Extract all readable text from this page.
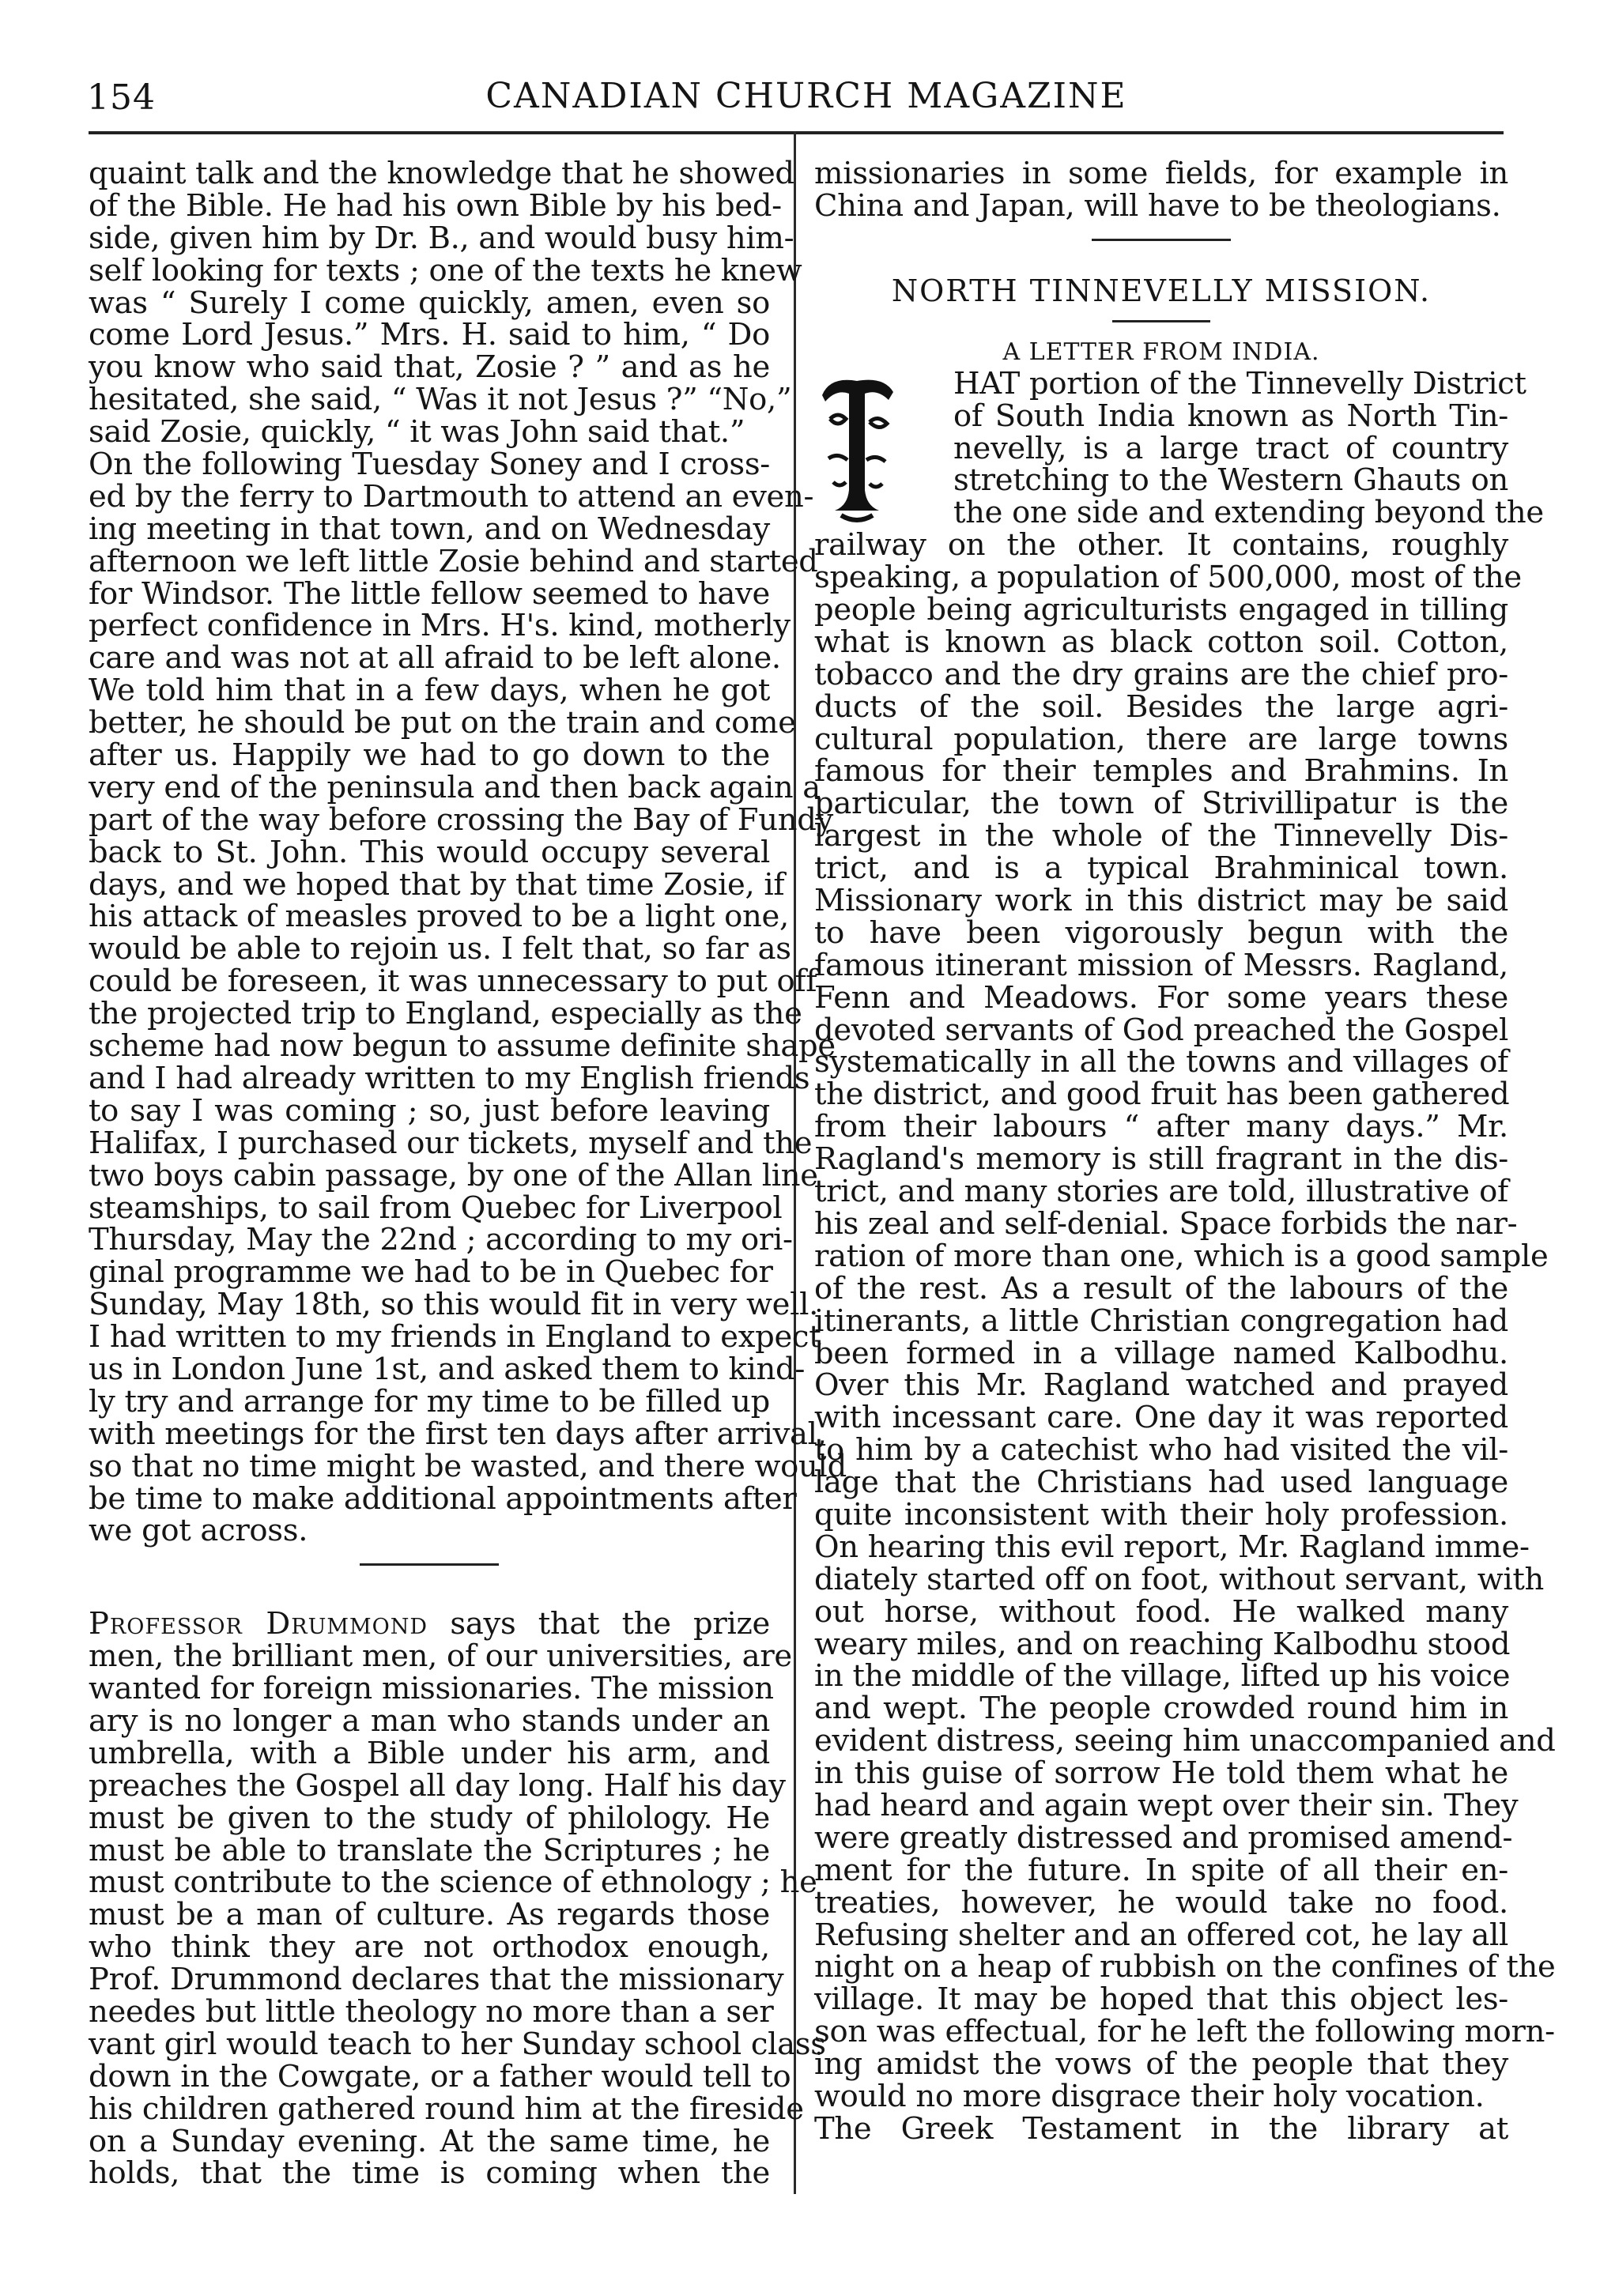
154	CANADIAN CHURCH MAGAZINE
quaint talk and the knowledge that he showed
of the Bible. He had his own Bible by his bed-
side, given him by Dr. B., and would busy him-
self looking for texts ; one of the texts he knew
was “ Surely I come quickly, amen, even so
come Lord Jesus.” Mrs. H. said to him, “ Do
you know who said that, Zosie ? ” and as he
hesitated, she said, “ Was it not Jesus ?” “No,”
said Zosie, quickly, “ it was John said that.”
On the following Tuesday Soney and I cross-
ed by the ferry to Dartmouth to attend an even-
ing meeting in that town, and on Wednesday
afternoon we left little Zosie behind and started
for Windsor. The little fellow seemed to have
perfect confidence in Mrs. H's. kind, motherly
care and was not at all afraid to be left alone.
We told him that in a few days, when he got
better, he should be put on the train and come
after us. Happily we had to go down to the
very end of the peninsula and then back again a
part of the way before crossing the Bay of Fundy
back to St. John. This would occupy several
days, and we hoped that by that time Zosie, if
his attack of measles proved to be a light one,
would be able to rejoin us. I felt that, so far as
could be foreseen, it was unnecessary to put off
the projected trip to England, especially as the
scheme had now begun to assume definite shape
and I had already written to my English friends
to say I was coming ; so, just before leaving
Halifax, I purchased our tickets, myself and the
two boys cabin passage, by one of the Allan line
steamships, to sail from Quebec for Liverpool
Thursday, May the 22nd ; according to my ori-
ginal programme we had to be in Quebec for
Sunday, May 18th, so this would fit in very well.
I had written to my friends in England to expect
us in London June 1st, and asked them to kind-
ly try and arrange for my time to be filled up
with meetings for the first ten days after arrival,
so that no time might be wasted, and there would
be time to make additional appointments after
we got across.
Professor Drummond says that the prize
men, the brilliant men, of our universities, are
wanted for foreign missionaries. The mission
ary is no longer a man who stands under an
umbrella, with a Bible under his arm, and
preaches the Gospel all day long. Half his day
must be given to the study of philology. He
must be able to translate the Scriptures ; he
must contribute to the science of ethnology ; he
must be a man of culture. As regards those
who think they are not orthodox enough,
Prof. Drummond declares that the missionary
needes but little theology no more than a ser
vant girl would teach to her Sunday school class
down in the Cowgate, or a father would tell to
his children gathered round him at the fireside
on a Sunday evening. At the same time, he
holds, that the time is coming when the
missionaries in some fields, for example in
China and Japan, will have to be theologians.
NORTH TINNEVELLY MISSION.
A LETTER FROM INDIA.
HAT portion of the Tinnevelly District
of South India known as North Tin-
nevelly, is a large tract of country
stretching to the Western Ghauts on
the one side and extending beyond the
railway on the other. It contains, roughly
speaking, a population of 500,000, most of the
people being agriculturists engaged in tilling
what is known as black cotton soil. Cotton,
tobacco and the dry grains are the chief pro-
ducts of the soil. Besides the large agri-
cultural population, there are large towns
famous for their temples and Brahmins. In
particular, the town of Strivillipatur is the
largest in the whole of the Tinnevelly Dis-
trict, and is a typical Brahminical town.
Missionary work in this district may be said
to have been vigorously begun with the
famous itinerant mission of Messrs. Ragland,
Fenn and Meadows. For some years these
devoted servants of God preached the Gospel
systematically in all the towns and villages of
the district, and good fruit has been gathered
from their labours “ after many days.” Mr.
Ragland's memory is still fragrant in the dis-
trict, and many stories are told, illustrative of
his zeal and self-denial. Space forbids the nar-
ration of more than one, which is a good sample
of the rest. As a result of the labours of the
itinerants, a little Christian congregation had
been formed in a village named Kalbodhu.
Over this Mr. Ragland watched and prayed
with incessant care. One day it was reported
to him by a catechist who had visited the vil-
lage that the Christians had used language
quite inconsistent with their holy profession.
On hearing this evil report, Mr. Ragland imme-
diately started off on foot, without servant, with
out horse, without food. He walked many
weary miles, and on reaching Kalbodhu stood
in the middle of the village, lifted up his voice
and wept. The people crowded round him in
evident distress, seeing him unaccompanied and
in this guise of sorrow He told them what he
had heard and again wept over their sin. They
were greatly distressed and promised amend-
ment for the future. In spite of all their en-
treaties, however, he would take no food.
Refusing shelter and an offered cot, he lay all
night on a heap of rubbish on the confines of the
village. It may be hoped that this object les-
son was effectual, for he left the following morn-
ing amidst the vows of the people that they
would no more disgrace their holy vocation.
The Greek Testament in the library at
